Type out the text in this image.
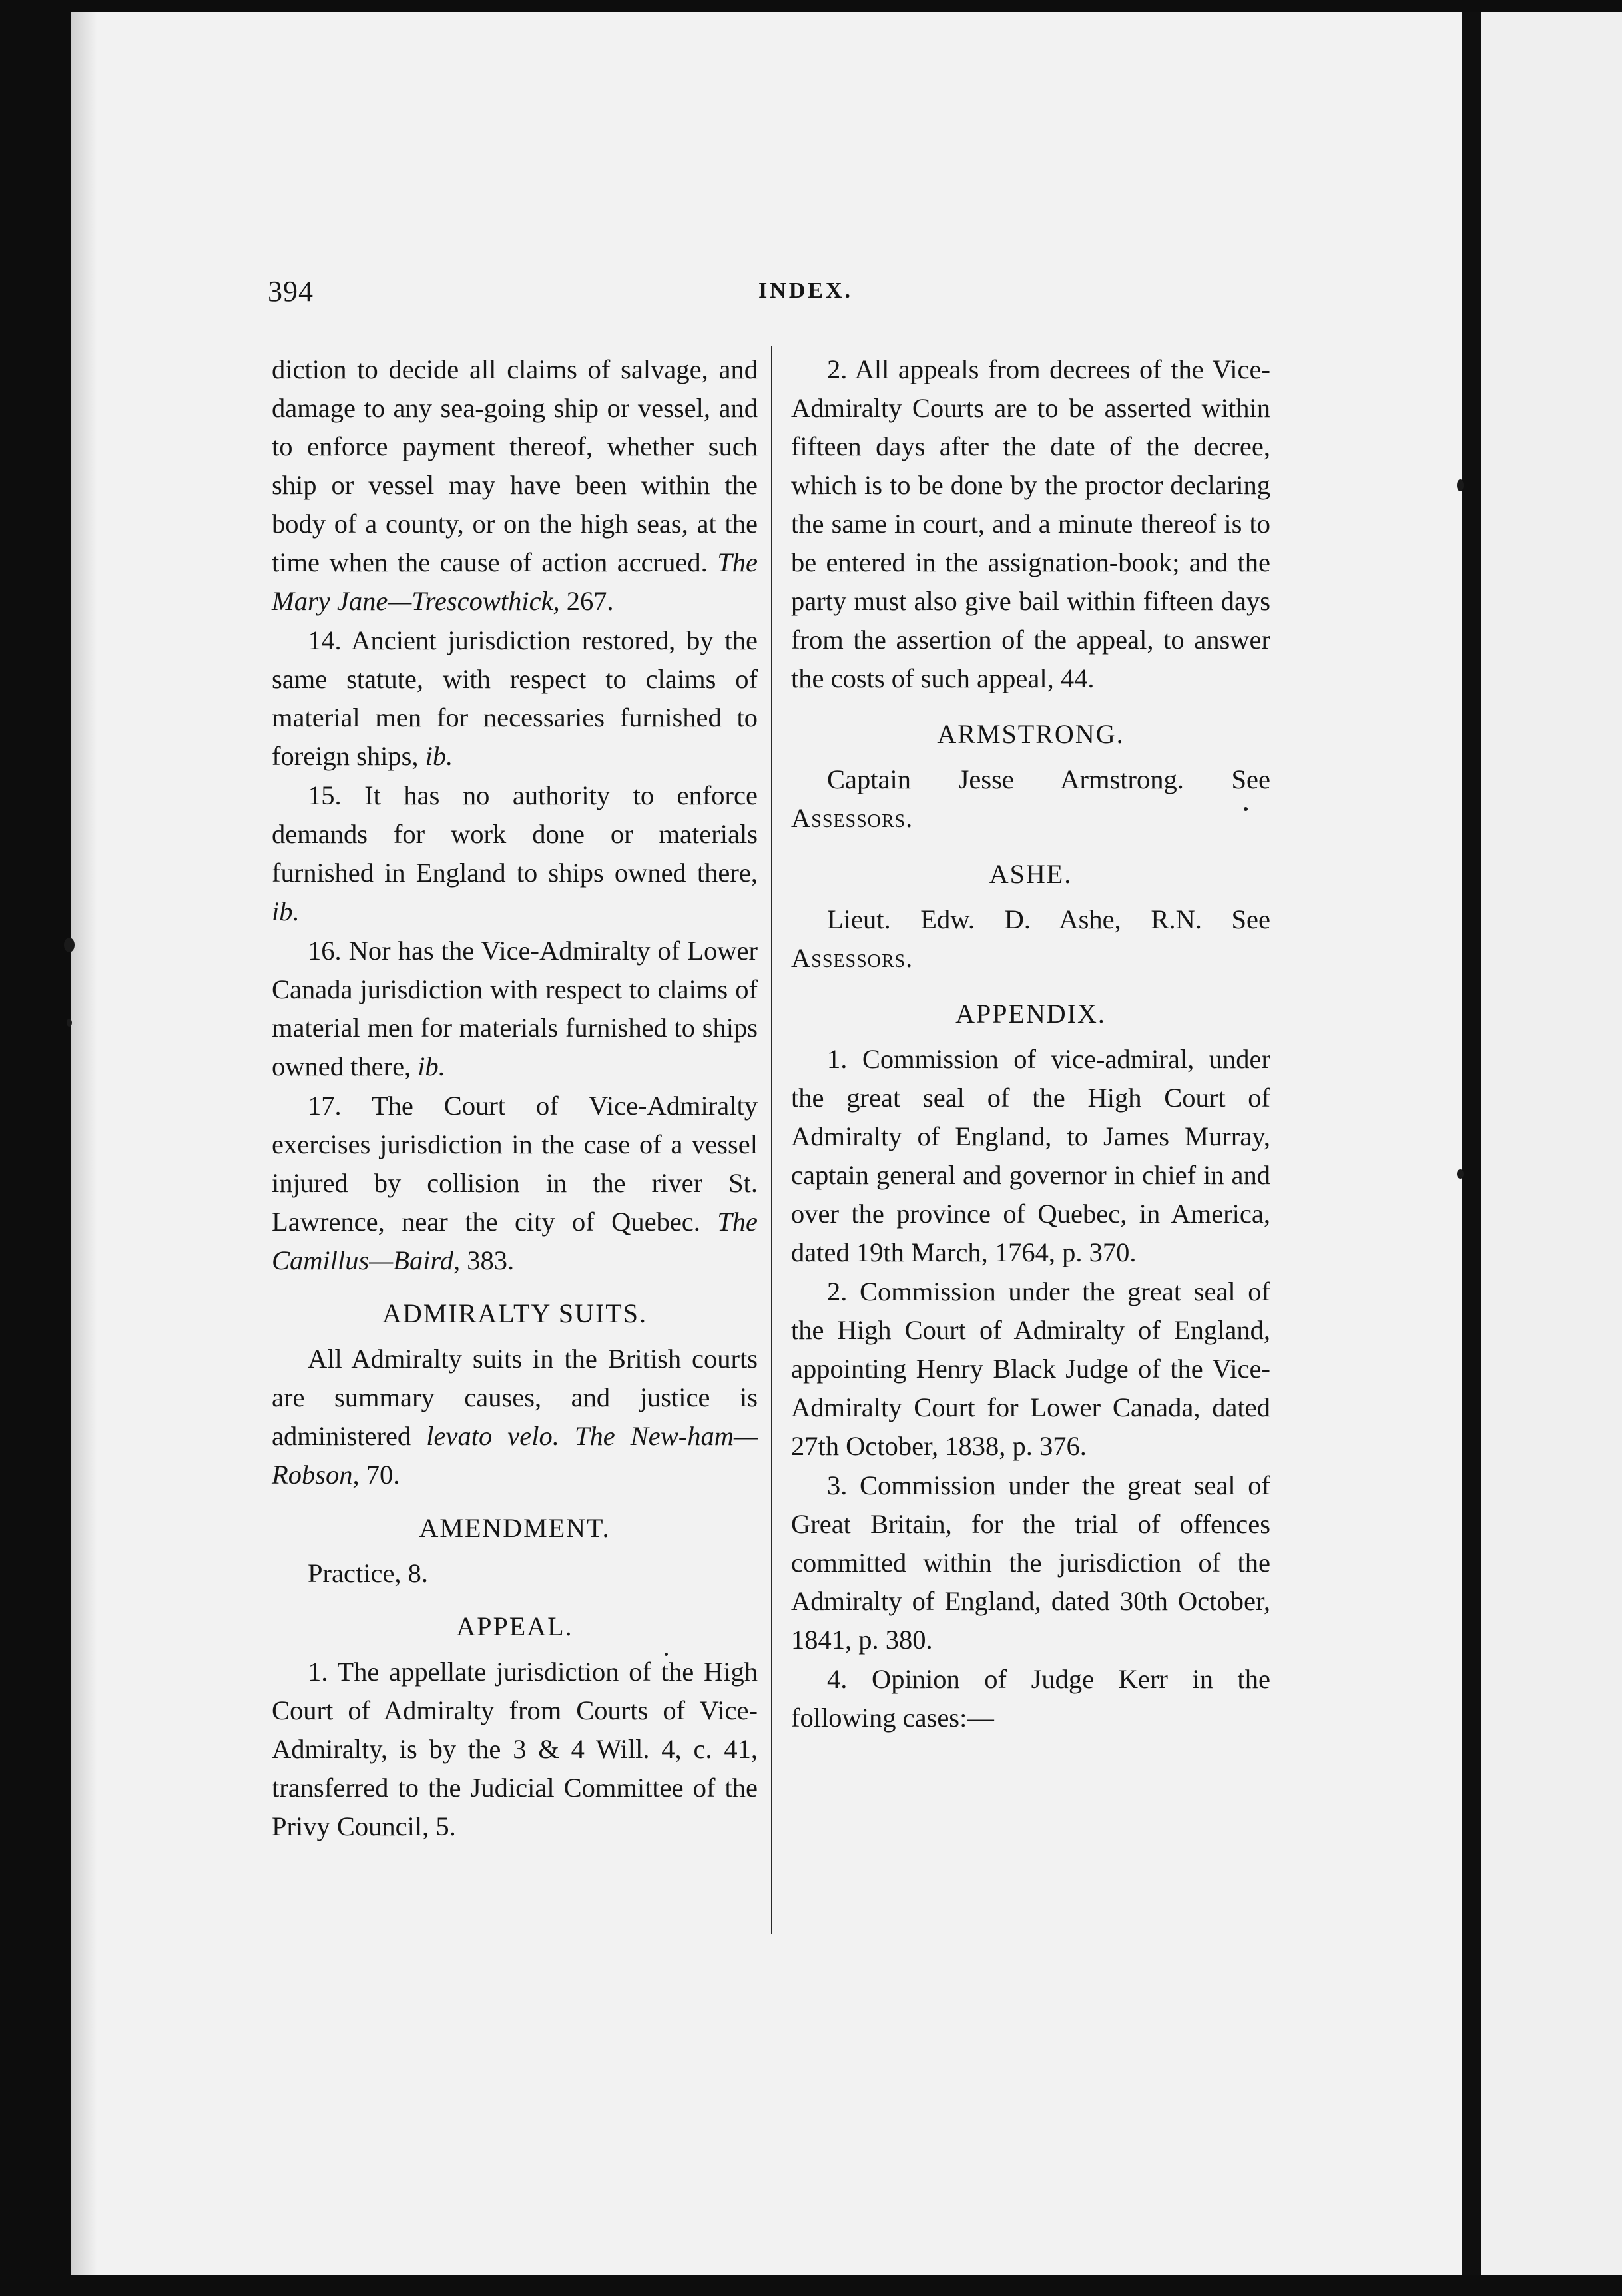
394	INDEX.

diction to decide all claims of salvage, and damage to any sea-going ship or vessel, and to enforce payment thereof, whether such ship or vessel may have been within the body of a county, or on the high seas, at the time when the cause of action accrued. The Mary Jane—Trescowthick, 267.

14. Ancient jurisdiction restored, by the same statute, with respect to claims of material men for necessaries furnished to foreign ships, ib.

15. It has no authority to enforce demands for work done or materials furnished in England to ships owned there, ib.

16. Nor has the Vice-Admiralty of Lower Canada jurisdiction with respect to claims of material men for materials furnished to ships owned there, ib.

17. The Court of Vice-Admiralty exercises jurisdiction in the case of a vessel injured by collision in the river St. Lawrence, near the city of Quebec. The Camillus—Baird, 383.

ADMIRALTY SUITS.

All Admiralty suits in the British courts are summary causes, and justice is administered levato velo. The New-ham—Robson, 70.

AMENDMENT.

Practice, 8.

APPEAL.

1. The appellate jurisdiction of the High Court of Admiralty from Courts of Vice-Admiralty, is by the 3 & 4 Will. 4, c. 41, transferred to the Judicial Committee of the Privy Council, 5.

2. All appeals from decrees of the Vice-Admiralty Courts are to be asserted within fifteen days after the date of the decree, which is to be done by the proctor declaring the same in court, and a minute thereof is to be entered in the assignation-book; and the party must also give bail within fifteen days from the assertion of the appeal, to answer the costs of such appeal, 44.

ARMSTRONG.

Captain Jesse Armstrong. See Assessors.

ASHE.

Lieut. Edw. D. Ashe, R.N. See Assessors.

APPENDIX.

1. Commission of vice-admiral, under the great seal of the High Court of Admiralty of England, to James Murray, captain general and governor in chief in and over the province of Quebec, in America, dated 19th March, 1764, p. 370.

2. Commission under the great seal of the High Court of Admiralty of England, appointing Henry Black Judge of the Vice-Admiralty Court for Lower Canada, dated 27th October, 1838, p. 376.

3. Commission under the great seal of Great Britain, for the trial of offences committed within the jurisdiction of the Admiralty of England, dated 30th October, 1841, p. 380.

4. Opinion of Judge Kerr in the following cases:—
